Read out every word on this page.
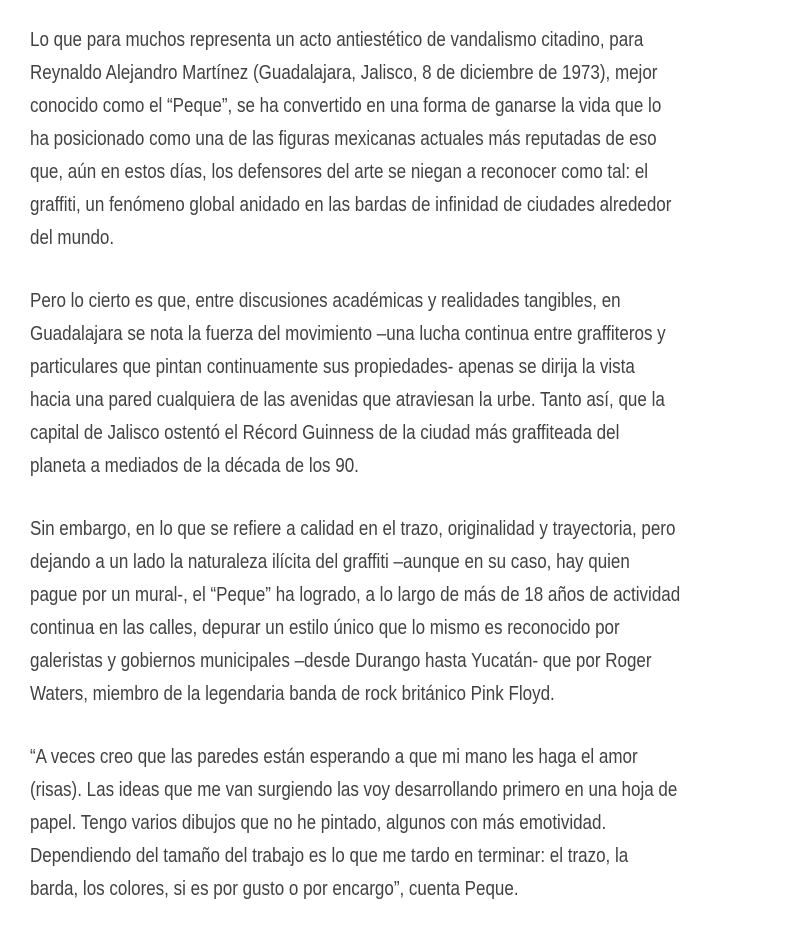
Lo que para muchos representa un acto antiestético de vandalismo citadino, para
Reynaldo Alejandro Martínez (Guadalajara, Jalisco, 8 de diciembre de 1973), mejor
conocido como el “Peque”, se ha convertido en una forma de ganarse la vida que lo
ha posicionado como una de las figuras mexicanas actuales más reputadas de eso
que, aún en estos días, los defensores del arte se niegan a reconocer como tal: el
graffiti, un fenómeno global anidado en las bardas de infinidad de ciudades alrededor
del mundo.
Pero lo cierto es que, entre discusiones académicas y realidades tangibles, en
Guadalajara se nota la fuerza del movimiento –una lucha continua entre graffiteros y
particulares que pintan continuamente sus propiedades- apenas se dirija la vista
hacia una pared cualquiera de las avenidas que atraviesan la urbe. Tanto así, que la
capital de Jalisco ostentó el Récord Guinness de la ciudad más graffiteada del
planeta a mediados de la década de los 90.
Sin embargo, en lo que se refiere a calidad en el trazo, originalidad y trayectoria, pero
dejando a un lado la naturaleza ilícita del graffiti –aunque en su caso, hay quien
pague por un mural-, el “Peque” ha logrado, a lo largo de más de 18 años de actividad
continua en las calles, depurar un estilo único que lo mismo es reconocido por
galeristas y gobiernos municipales –desde Durango hasta Yucatán- que por Roger
Waters, miembro de la legendaria banda de rock británico Pink Floyd.
“A veces creo que las paredes están esperando a que mi mano les haga el amor
(risas). Las ideas que me van surgiendo las voy desarrollando primero en una hoja de
papel. Tengo varios dibujos que no he pintado, algunos con más emotividad.
Dependiendo del tamaño del trabajo es lo que me tardo en terminar: el trazo, la
barda, los colores, si es por gusto o por encargo”, cuenta Peque.
